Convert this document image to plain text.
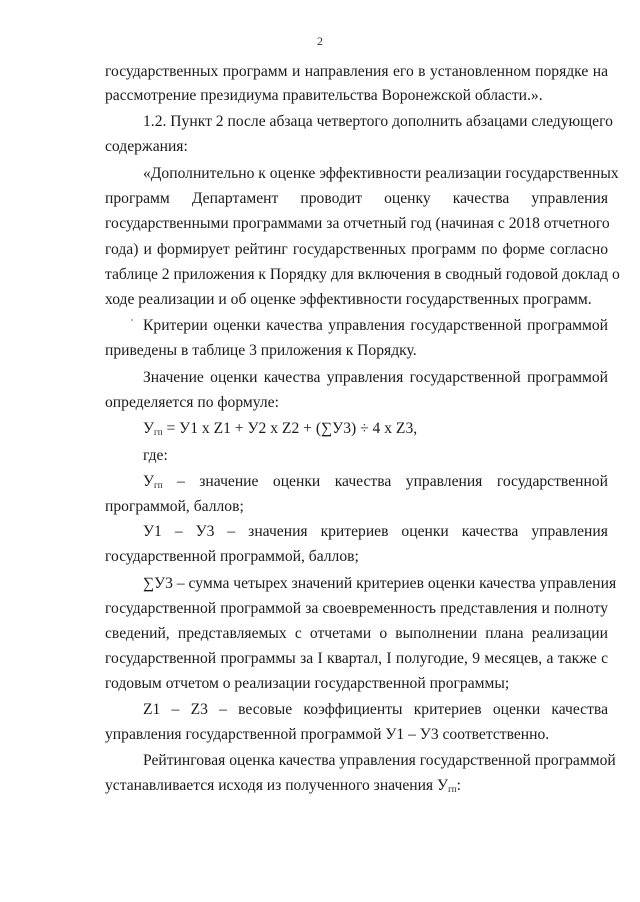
2
государственных программ и направления его в установленном порядке на
рассмотрение президиума правительства Воронежской области.».
1.2. Пункт 2 после абзаца четвертого дополнить абзацами следующего
содержания:
«Дополнительно к оценке эффективности реализации государственных
программ Департамент проводит оценку качества управления
государственными программами за отчетный год (начиная с 2018 отчетного
года) и формирует рейтинг государственных программ по форме согласно
таблице 2 приложения к Порядку для включения в сводный годовой доклад о
ходе реализации и об оценке эффективности государственных программ.
Критерии оценки качества управления государственной программой
приведены в таблице 3 приложения к Порядку.
Значение оценки качества управления государственной программой
определяется по формуле:
$У_{гп} = У1$ x Z1 + У2 x Z2 + (∑У3) ÷ 4 x Z3,
где:
$У_{гп}$ – значение оценки качества управления государственной
программой, баллов;
У1 – У3 – значения критериев оценки качества управления
государственной программой, баллов;
∑У3 – сумма четырех значений критериев оценки качества управления
государственной программой за своевременность представления и полноту
сведений, представляемых с отчетами о выполнении плана реализации
государственной программы за I квартал, I полугодие, 9 месяцев, а также с
годовым отчетом о реализации государственной программы;
Z1 – Z3 – весовые коэффициенты критериев оценки качества
управления государственной программой У1 – У3 соответственно.
Рейтинговая оценка качества управления государственной программой
устанавливается исходя из полученного значения $У_{гп}$:
